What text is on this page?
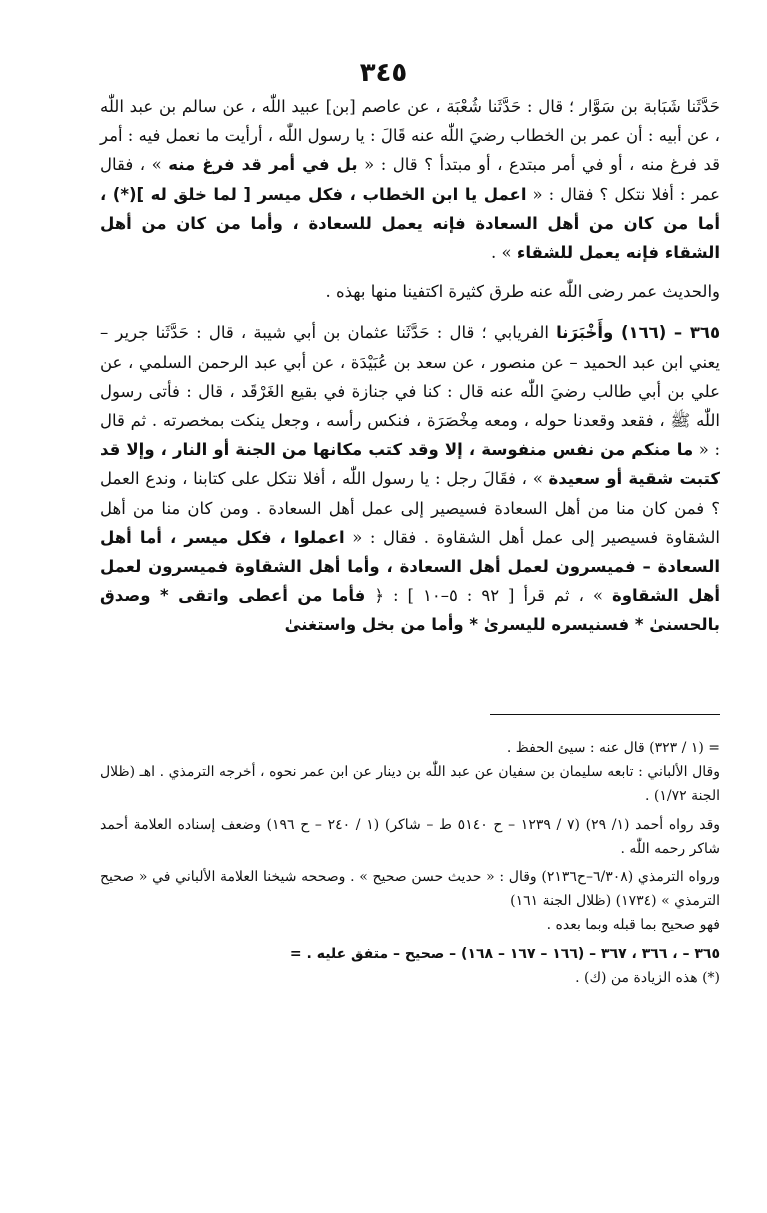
٣٤٥

حَدَّثَنا شَبَابة بن سَوَّار ؛ قال : حَدَّثَنا شُعْبَة ، عن عاصم [بن] عبيد اللّٰه ، عن سالم بن عبد اللّٰه ، عن أبيه : أن عمر بن الخطاب رضيَ اللّٰه عنه قَالَ : يا رسول اللّٰه ، أرأيت ما نعمل فيه : أمر قد فرغ منه ، أو في أمر مبتدع ، أو مبتدأ ؟ قال : « بل في أمر قد فرغ منه » ، فقال عمر : أفلا نتكل ؟ فقال : « اعمل يا ابن الخطاب ، فكل ميسر [ لما خلق له ](*) ، أما من كان من أهل السعادة فإنه يعمل للسعادة ، وأما من كان من أهل الشقاء فإنه يعمل للشقاء » .

والحديث عمر رضى اللّٰه عنه طرق كثيرة اكتفينا منها بهذه .

٣٦٥ – (١٦٦) وأَخْبَرَنا الفريابي ؛ قال : حَدَّثَنا عثمان بن أبي شيبة ، قال : حَدَّثَنا جرير – يعني ابن عبد الحميد – عن منصور ، عن سعد بن عُبَيْدَة ، عن أبي عبد الرحمن السلمي ، عن علي بن أبي طالب رضيَ اللّٰه عنه قال : كنا في جنازة في بقيع الغَرْقَد ، قال : فأتى رسول اللّٰه ﷺ ، فقعد وقعدنا حوله ، ومعه مِخْصَرَة ، فنكس رأسه ، وجعل ينكت بمخصرته . ثم قال : « ما منكم من نفس منفوسة ، إلا وقد كتب مكانها من الجنة أو النار ، وإلا قد كتبت شقية أو سعيدة » ، فقَالَ رجل : يا رسول اللّٰه ، أفلا نتكل على كتابنا ، وندع العمل ؟ فمن كان منا من أهل السعادة فسيصير إلى عمل أهل السعادة . ومن كان منا من أهل الشقاوة فسيصير إلى عمل أهل الشقاوة . فقال : « اعملوا ، فكل ميسر ، أما أهل السعادة – فميسرون لعمل أهل السعادة ، وأما أهل الشقاوة فميسرون لعمل أهل الشقاوة » ، ثم قرأ [ ٩٢ : ٥–١٠ ] : ﴿ فأما من أعطى واتقى * وصدق بالحسنىٰ * فسنيسره لليسرىٰ * وأما من بخل واستغنىٰ

= (١ / ٣٢٣) قال عنه : سيئ الحفظ .

وقال الألباني : تابعه سليمان بن سفيان عن عبد اللّٰه بن دينار عن ابن عمر نحوه ، أخرجه الترمذي . اهـ (ظلال الجنة ١/٧٢) .

وقد رواه أحمد (١/ ٢٩) (٧ / ١٢٣٩ – ح ٥١٤٠ ط – شاكر) (١ / ٢٤٠ – ح ١٩٦) وضعف إسناده العلامة أحمد شاكر رحمه اللّٰه .

ورواه الترمذي (٦/٣٠٨–ح٢١٣٦) وقال : « حديث حسن صحيح » . وصححه شيخنا العلامة الألباني في « صحيح الترمذي » (١٧٣٤) (ظلال الجنة ١٦١)

فهو صحيح بما قبله وبما بعده .

٣٦٥ – ، ٣٦٦ ، ٣٦٧ – (١٦٦ – ١٦٧ – ١٦٨) – صحيح – متفق عليه . =

(*) هذه الزيادة من (ك) .
